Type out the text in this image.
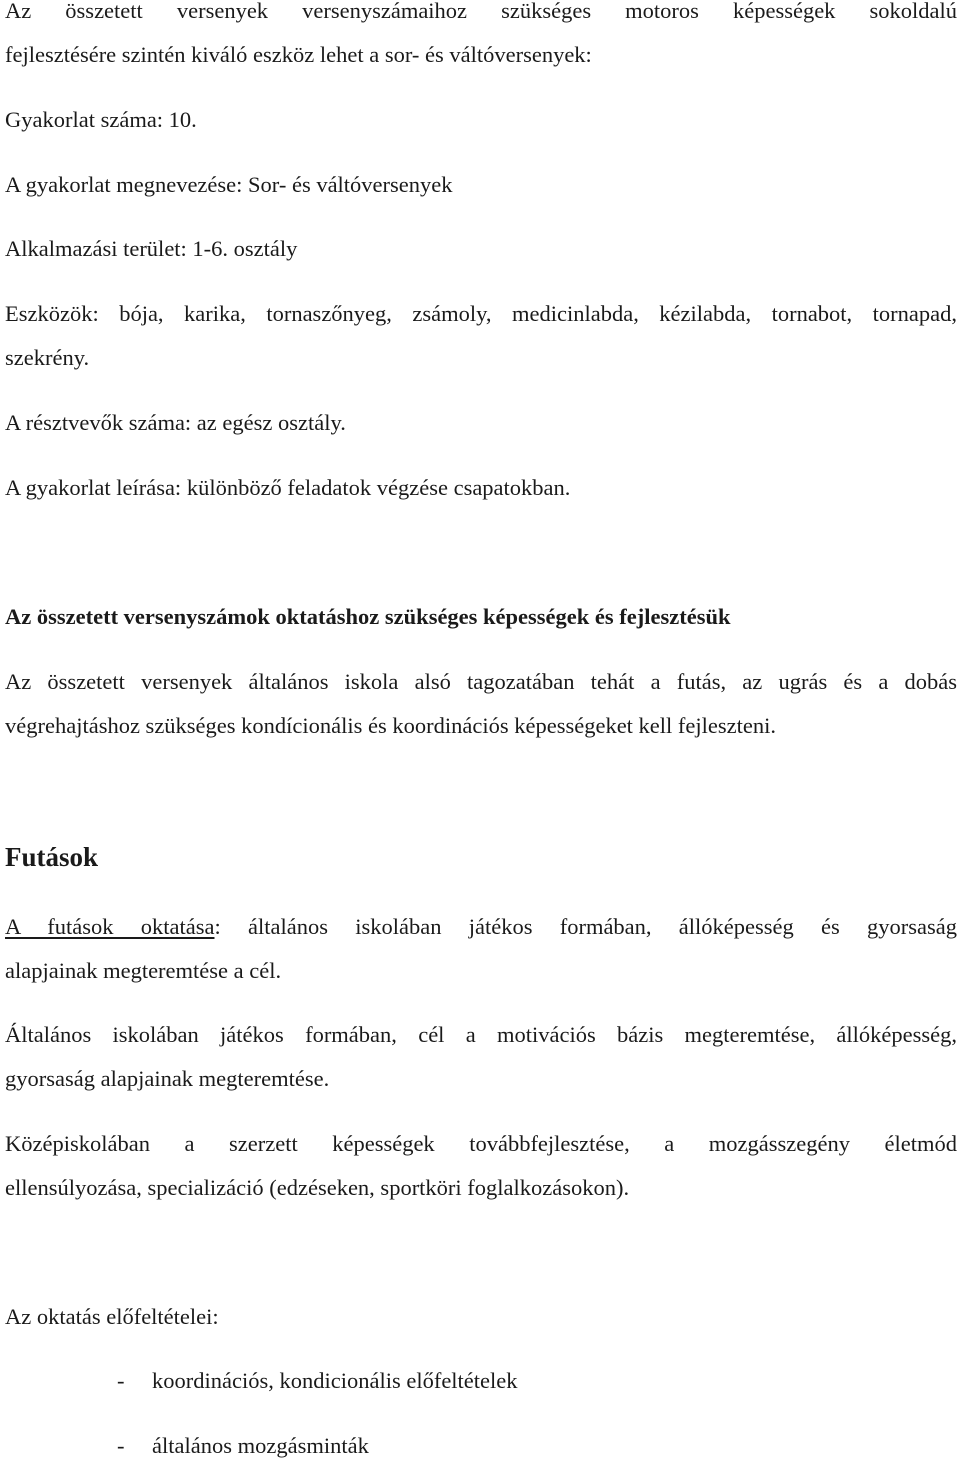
Az összetett versenyek versenyszámaihoz szükséges motoros képességek sokoldalú
fejlesztésére szintén kiváló eszköz lehet a sor- és váltóversenyek:
Gyakorlat száma: 10.
A gyakorlat megnevezése: Sor- és váltóversenyek
Alkalmazási terület: 1-6. osztály
Eszközök: bója, karika, tornaszőnyeg, zsámoly, medicinlabda, kézilabda, tornabot, tornapad,
szekrény.
A résztvevők száma: az egész osztály.
A gyakorlat leírása: különböző feladatok végzése csapatokban.
Az összetett versenyszámok oktatáshoz szükséges képességek és fejlesztésük
Az összetett versenyek általános iskola alsó tagozatában tehát a futás, az ugrás és a dobás
végrehajtáshoz szükséges kondícionális és koordinációs képességeket kell fejleszteni.
Futások
A futások oktatása: általános iskolában játékos formában, állóképesség és gyorsaság
alapjainak megteremtése a cél.
Általános iskolában játékos formában, cél a motivációs bázis megteremtése, állóképesség,
gyorsaság alapjainak megteremtése.
Középiskolában a szerzett képességek továbbfejlesztése, a mozgásszegény életmód
ellensúlyozása, specializáció (edzéseken, sportköri foglalkozásokon).
Az oktatás előfeltételei:
- koordinációs, kondicionális előfeltételek
- általános mozgásminták
